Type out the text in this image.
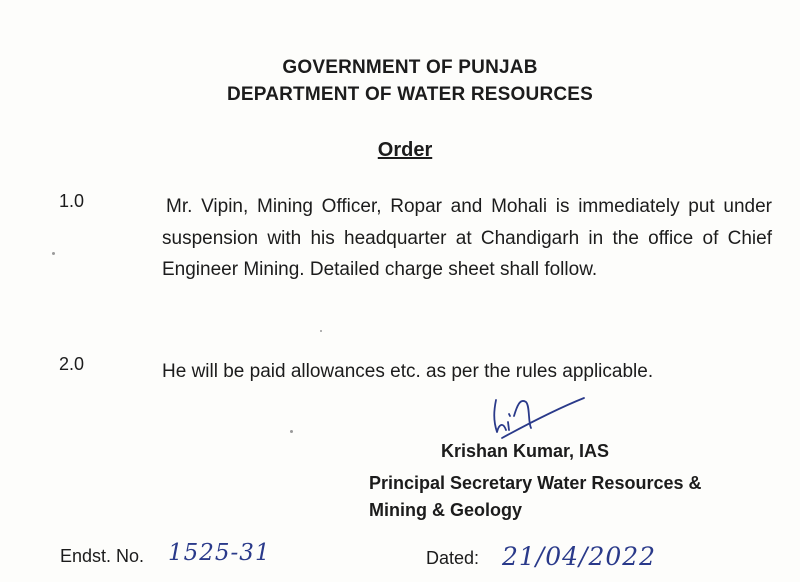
GOVERNMENT OF PUNJAB
DEPARTMENT OF WATER RESOURCES
Order
1.0	Mr. Vipin, Mining Officer, Ropar and Mohali is immediately put under suspension with his headquarter at Chandigarh in the office of Chief Engineer Mining. Detailed charge sheet shall follow.
2.0	He will be paid allowances etc. as per the rules applicable.
Krishan Kumar, IAS
Principal Secretary Water Resources &
Mining & Geology
Endst. No. 1525-31	Dated: 21/04/2022
